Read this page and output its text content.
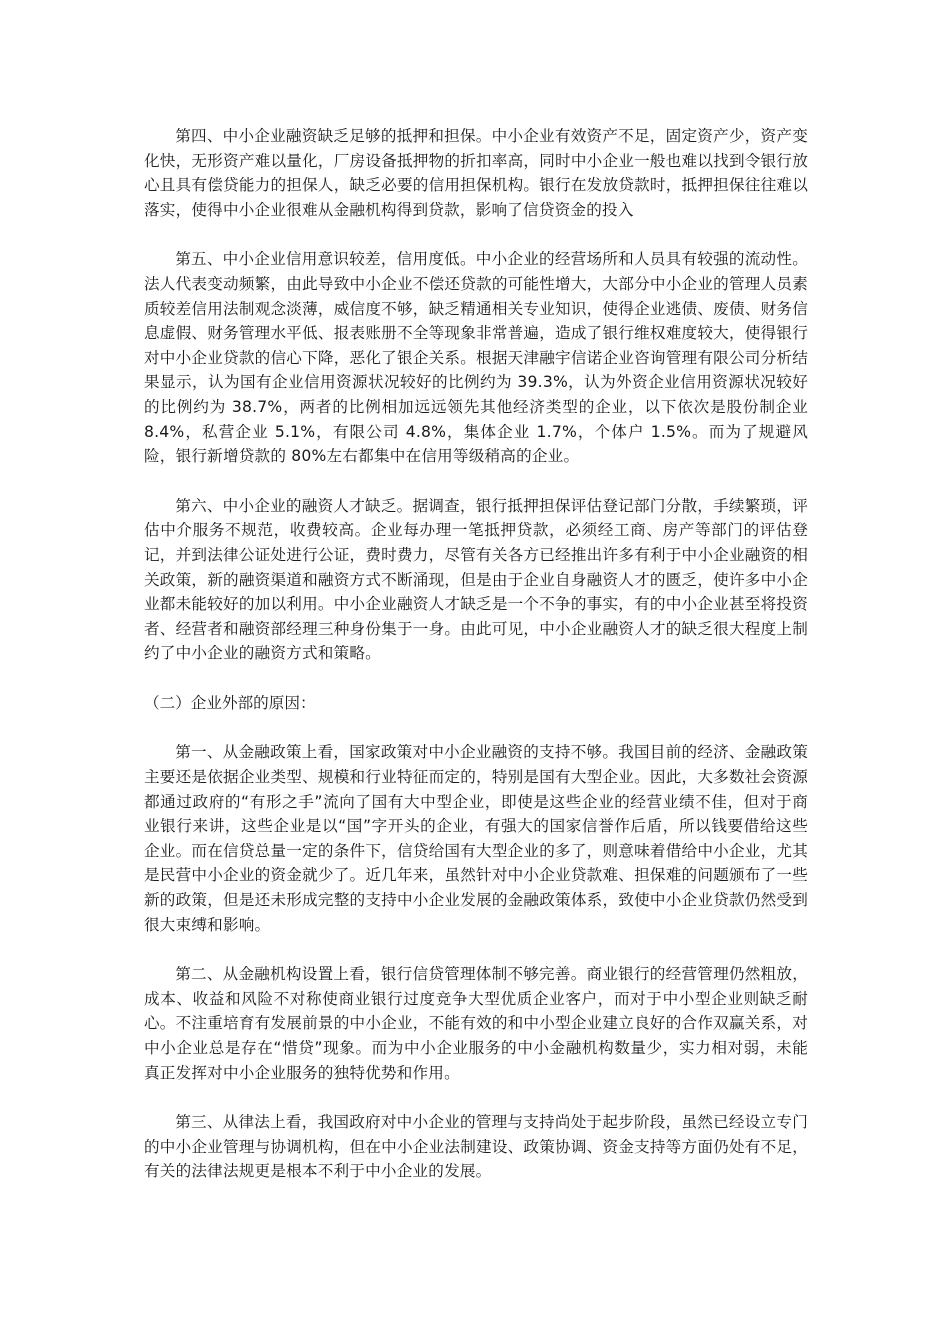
第四、中小企业融资缺乏足够的抵押和担保。中小企业有效资产不足，固定资产少，资产变化快，无形资产难以量化，厂房设备抵押物的折扣率高，同时中小企业一般也难以找到令银行放心且具有偿贷能力的担保人，缺乏必要的信用担保机构。银行在发放贷款时，抵押担保往往难以落实，使得中小企业很难从金融机构得到贷款，影响了信贷资金的投入

第五、中小企业信用意识较差，信用度低。中小企业的经营场所和人员具有较强的流动性。法人代表变动频繁，由此导致中小企业不偿还贷款的可能性增大，大部分中小企业的管理人员素质较差信用法制观念淡薄，威信度不够，缺乏精通相关专业知识，使得企业逃债、废债、财务信息虚假、财务管理水平低、报表账册不全等现象非常普遍，造成了银行维权难度较大，使得银行对中小企业贷款的信心下降，恶化了银企关系。根据天津融宇信诺企业咨询管理有限公司分析结果显示，认为国有企业信用资源状况较好的比例约为 39.3%，认为外资企业信用资源状况较好的比例约为 38.7%，两者的比例相加远远领先其他经济类型的企业，以下依次是股份制企业 8.4%，私营企业 5.1%，有限公司 4.8%，集体企业 1.7%，个体户 1.5%。而为了规避风险，银行新增贷款的 80%左右都集中在信用等级稍高的企业。

第六、中小企业的融资人才缺乏。据调查，银行抵押担保评估登记部门分散，手续繁琐，评估中介服务不规范，收费较高。企业每办理一笔抵押贷款，必须经工商、房产等部门的评估登记，并到法律公证处进行公证，费时费力，尽管有关各方已经推出许多有利于中小企业融资的相关政策，新的融资渠道和融资方式不断涌现，但是由于企业自身融资人才的匮乏，使许多中小企业都未能较好的加以利用。中小企业融资人才缺乏是一个不争的事实，有的中小企业甚至将投资者、经营者和融资部经理三种身份集于一身。由此可见，中小企业融资人才的缺乏很大程度上制约了中小企业的融资方式和策略。

（二）企业外部的原因：

第一、从金融政策上看，国家政策对中小企业融资的支持不够。我国目前的经济、金融政策主要还是依据企业类型、规模和行业特征而定的，特别是国有大型企业。因此，大多数社会资源都通过政府的“有形之手”流向了国有大中型企业，即使是这些企业的经营业绩不佳，但对于商业银行来讲，这些企业是以“国”字开头的企业，有强大的国家信誉作后盾，所以钱要借给这些企业。而在信贷总量一定的条件下，信贷给国有大型企业的多了，则意味着借给中小企业，尤其是民营中小企业的资金就少了。近几年来，虽然针对中小企业贷款难、担保难的问题颁布了一些新的政策，但是还未形成完整的支持中小企业发展的金融政策体系，致使中小企业贷款仍然受到很大束缚和影响。

第二、从金融机构设置上看，银行信贷管理体制不够完善。商业银行的经营管理仍然粗放，成本、收益和风险不对称使商业银行过度竞争大型优质企业客户，而对于中小型企业则缺乏耐心。不注重培育有发展前景的中小企业，不能有效的和中小型企业建立良好的合作双赢关系，对中小企业总是存在“惜贷”现象。而为中小企业服务的中小金融机构数量少，实力相对弱，未能真正发挥对中小企业服务的独特优势和作用。

第三、从律法上看，我国政府对中小企业的管理与支持尚处于起步阶段，虽然已经设立专门的中小企业管理与协调机构，但在中小企业法制建设、政策协调、资金支持等方面仍处有不足，有关的法律法规更是根本不利于中小企业的发展。
